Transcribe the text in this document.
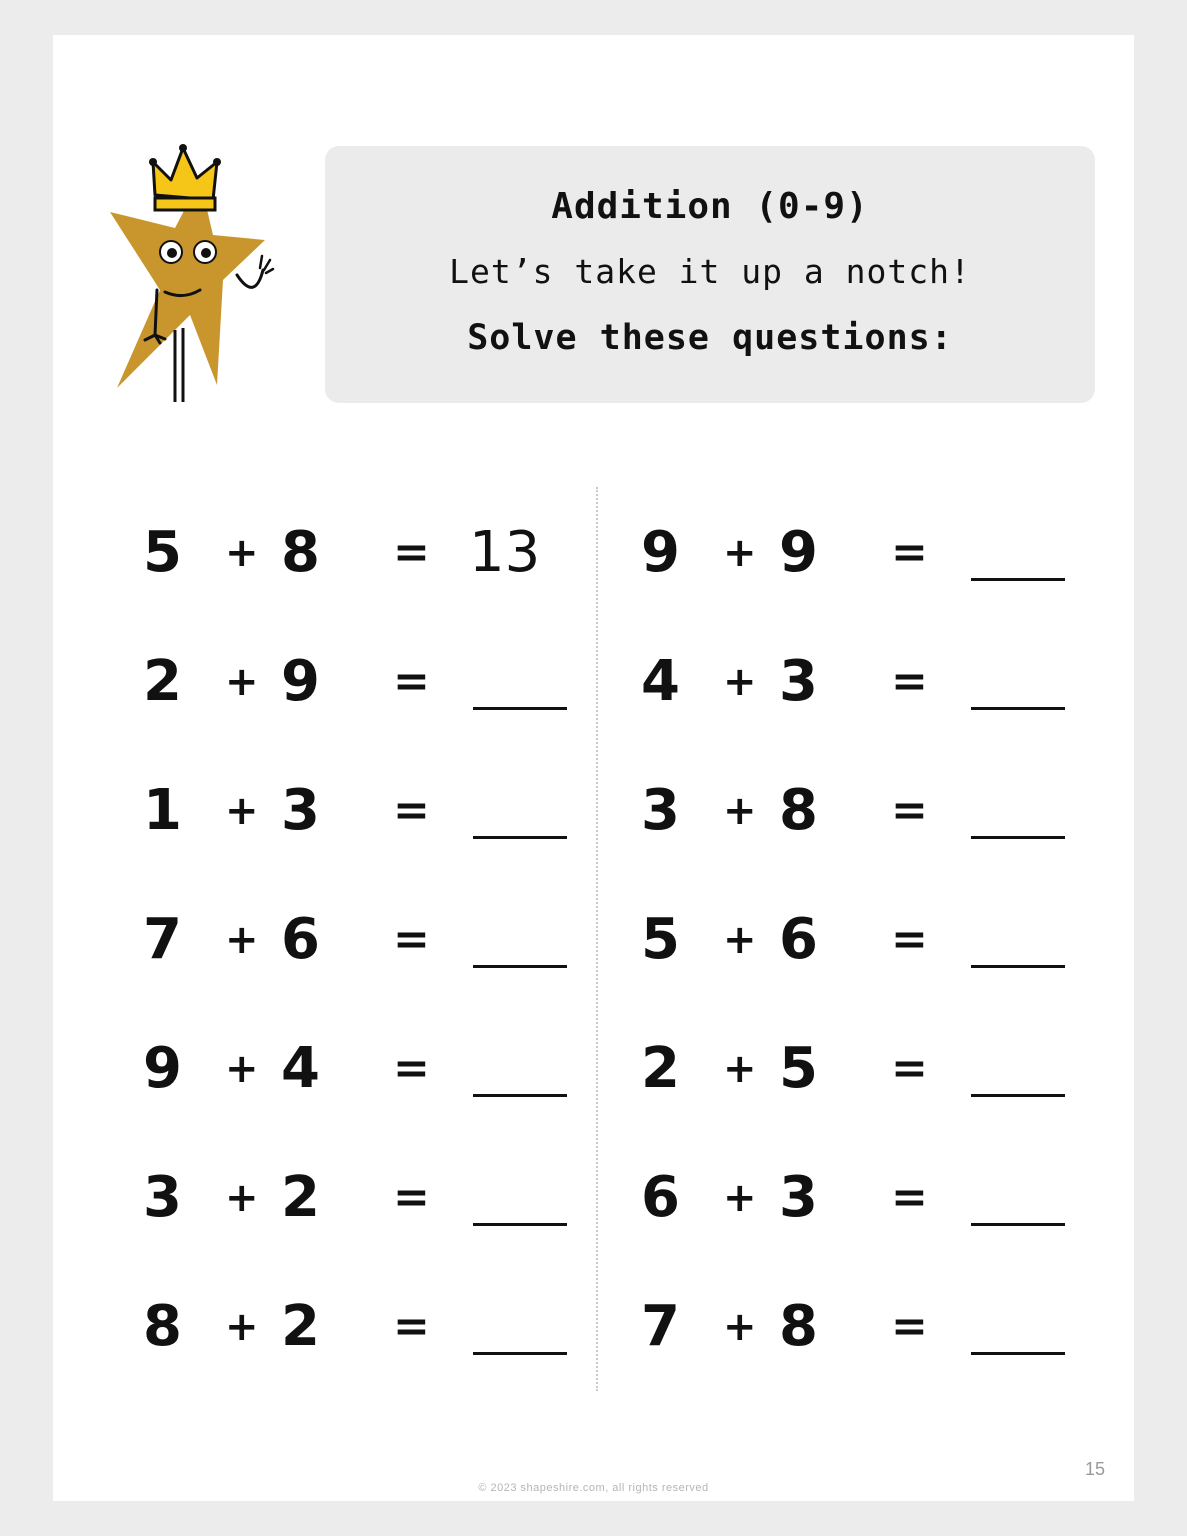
Addition (0-9)
Let’s take it up a notch!
Solve these questions:
5 + 8 = 13
2 + 9 =
1 + 3 =
7 + 6 =
9 + 4 =
3 + 2 =
8 + 2 =
9 + 9 =
4 + 3 =
3 + 8 =
5 + 6 =
2 + 5 =
6 + 3 =
7 + 8 =
15
© 2023 shapeshire.com, all rights reserved
